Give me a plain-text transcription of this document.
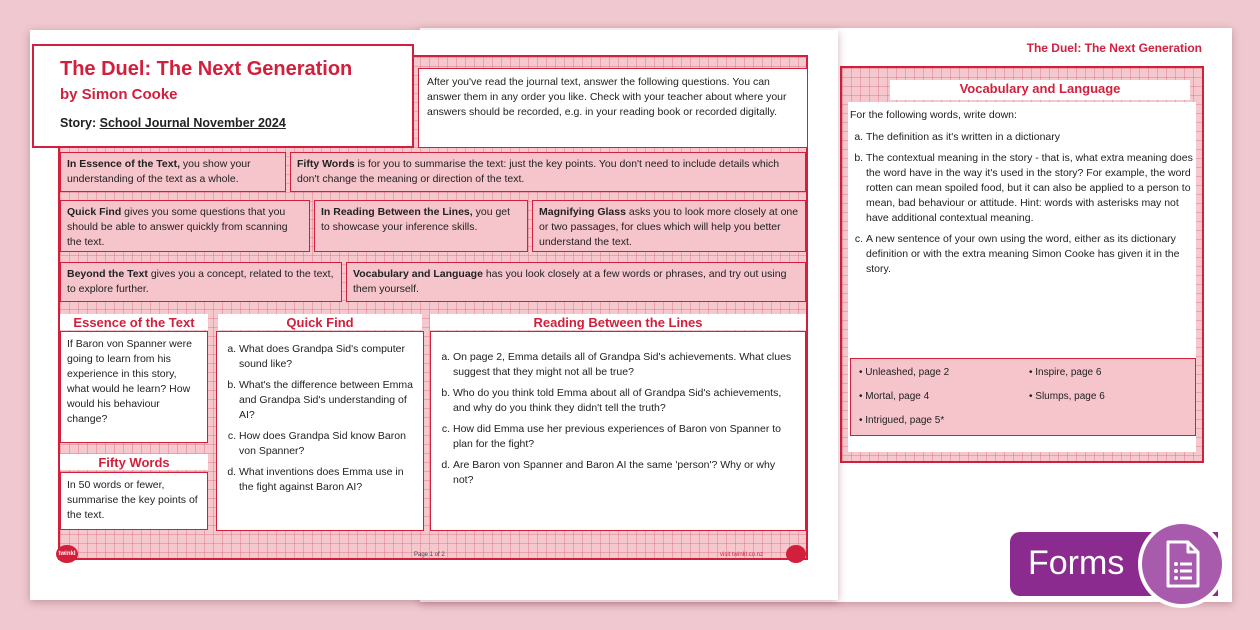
The Duel: The Next Generation
Vocabulary and Language
For the following words, write down:
a. The definition as it's written in a dictionary
b. The contextual meaning in the story - that is, what extra meaning does the word have in the way it's used in the story? For example, the word rotten can mean spoiled food, but it can also be applied to a person to mean, bad behaviour or attitude. Hint: words with asterisks may not have additional contextual meaning.
c. A new sentence of your own using the word, either as its dictionary definition or with the extra meaning Simon Cooke has given it in the story.
• Unleashed, page 2	• Inspire, page 6
• Mortal, page 4	• Slumps, page 6
• Intrigued, page 5*
The Duel: The Next Generation
by Simon Cooke
Story: School Journal November 2024
After you've read the journal text, answer the following questions. You can answer them in any order you like. Check with your teacher about where your answers should be recorded, e.g. in your reading book or recorded digitally.
In Essence of the Text, you show your understanding of the text as a whole.
Fifty Words is for you to summarise the text: just the key points. You don't need to include details which don't change the meaning or direction of the text.
Quick Find gives you some questions that you should be able to answer quickly from scanning the text.
In Reading Between the Lines, you get to showcase your inference skills.
Magnifying Glass asks you to look more closely at one or two passages, for clues which will help you better understand the text.
Beyond the Text gives you a concept, related to the text, to explore further.
Vocabulary and Language has you look closely at a few words or phrases, and try out using them yourself.
Essence of the Text
If Baron von Spanner were going to learn from his experience in this story, what would he learn? How would his behaviour change?
Fifty Words
In 50 words or fewer, summarise the key points of the text.
Quick Find
a. What does Grandpa Sid's computer sound like?
b. What's the difference between Emma and Grandpa Sid's understanding of AI?
c. How does Grandpa Sid know Baron von Spanner?
d. What inventions does Emma use in the fight against Baron AI?
Reading Between the Lines
a. On page 2, Emma details all of Grandpa Sid's achievements. What clues suggest that they might not all be true?
b. Who do you think told Emma about all of Grandpa Sid's achievements, and why do you think they didn't tell the truth?
c. How did Emma use her previous experiences of Baron von Spanner to plan for the fight?
d. Are Baron von Spanner and Baron AI the same 'person'? Why or why not?
twinkl	Page 1 of 2	visit twinkl.co.nz	Forms
